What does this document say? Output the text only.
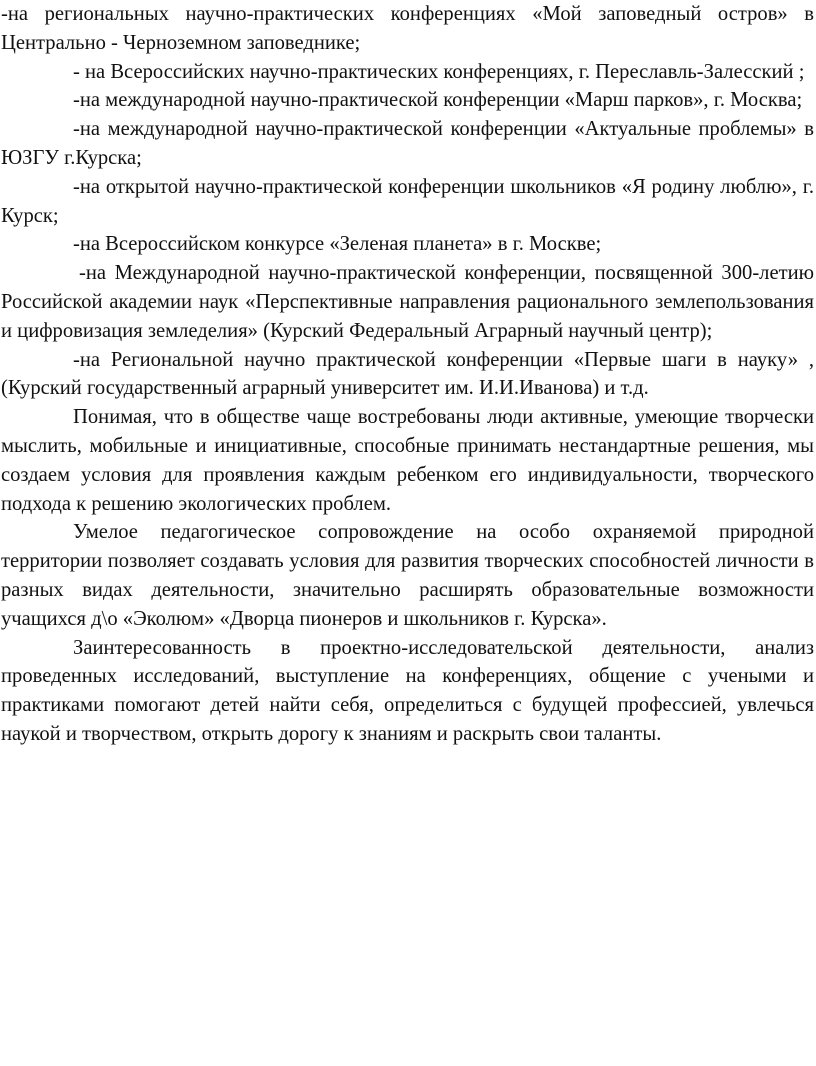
-на региональных научно-практических конференциях «Мой заповедный остров» в Центрально - Черноземном заповеднике;

- на Всероссийских научно-практических конференциях, г. Переславль-Залесский ;

-на международной научно-практической конференции «Марш парков», г. Москва;

-на международной научно-практической конференции «Актуальные проблемы» в ЮЗГУ г.Курска;

-на открытой научно-практической конференции школьников «Я родину люблю», г. Курск;

-на Всероссийском конкурсе «Зеленая планета» в г. Москве;

-на Международной научно-практической конференции, посвященной 300-летию Российской академии наук «Перспективные направления рационального землепользования и цифровизация земледелия» (Курский Федеральный Аграрный научный центр);

-на Региональной научно практической конференции «Первые шаги в науку» , (Курский государственный аграрный университет им. И.И.Иванова) и т.д.

Понимая, что в обществе чаще востребованы люди активные, умеющие творчески мыслить, мобильные и инициативные, способные принимать нестандартные решения, мы создаем условия для проявления каждым ребенком его индивидуальности, творческого подхода к решению экологических проблем.

Умелое педагогическое сопровождение на особо охраняемой природной территории позволяет создавать условия для развития творческих способностей личности в разных видах деятельности, значительно расширять образовательные возможности учащихся д\о «Эколюм» «Дворца пионеров и школьников г. Курска».

Заинтересованность в проектно-исследовательской деятельности, анализ проведенных исследований, выступление на конференциях, общение с учеными и практиками помогают детей найти себя, определиться с будущей профессией, увлечься наукой и творчеством, открыть дорогу к знаниям и раскрыть свои таланты.
